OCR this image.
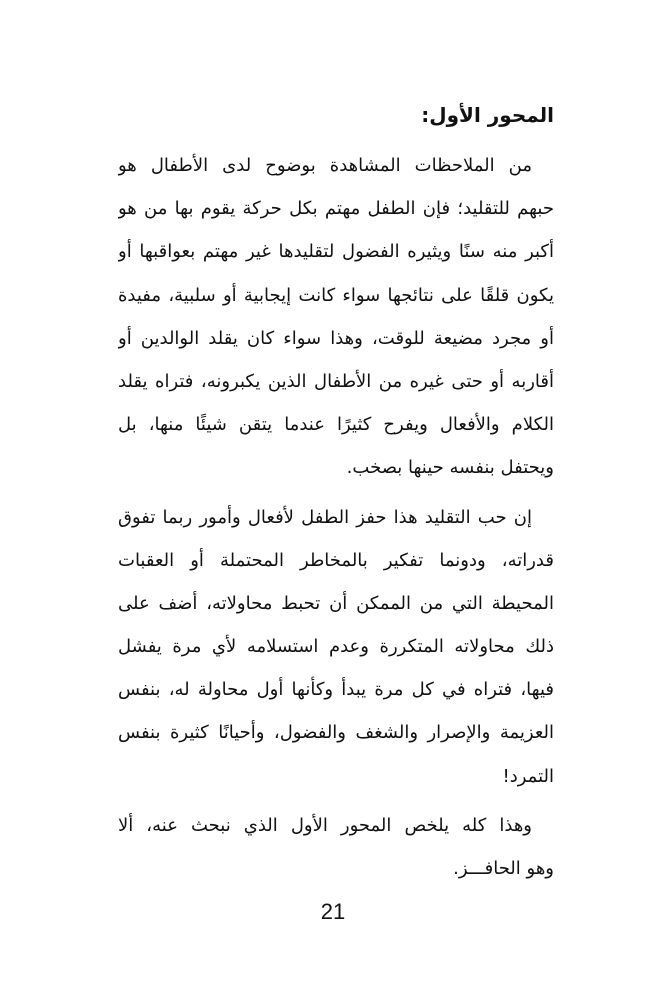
المحور الأول:
من الملاحظات المشاهدة بوضوح لدى الأطفال هو
حبهم للتقليد؛ فإن الطفل مهتم بكل حركة يقوم بها من هو
أكبر منه سنًا ويثيره الفضول لتقليدها غير مهتم بعواقبها أو
يكون قلقًا على نتائجها سواء كانت إيجابية أو سلبية، مفيدة
أو مجرد مضيعة للوقت، وهذا سواء كان يقلد الوالدين أو
أقاربه أو حتى غيره من الأطفال الذين يكبرونه، فتراه يقلد
الكلام والأفعال ويفرح كثيرًا عندما يتقن شيئًا منها، بل
ويحتفل بنفسه حينها بصخب.
إن حب التقليد هذا حفز الطفل لأفعال وأمور ربما تفوق
قدراته، ودونما تفكير بالمخاطر المحتملة أو العقبات
المحيطة التي من الممكن أن تحبط محاولاته، أضف على
ذلك محاولاته المتكررة وعدم استسلامه لأي مرة يفشل
فيها، فتراه في كل مرة يبدأ وكأنها أول محاولة له، بنفس
العزيمة والإصرار والشغف والفضول، وأحيانًا كثيرة بنفس
التمرد!
وهذا كله يلخص المحور الأول الذي نبحث عنه، ألا
وهو الحافـــز.
21
